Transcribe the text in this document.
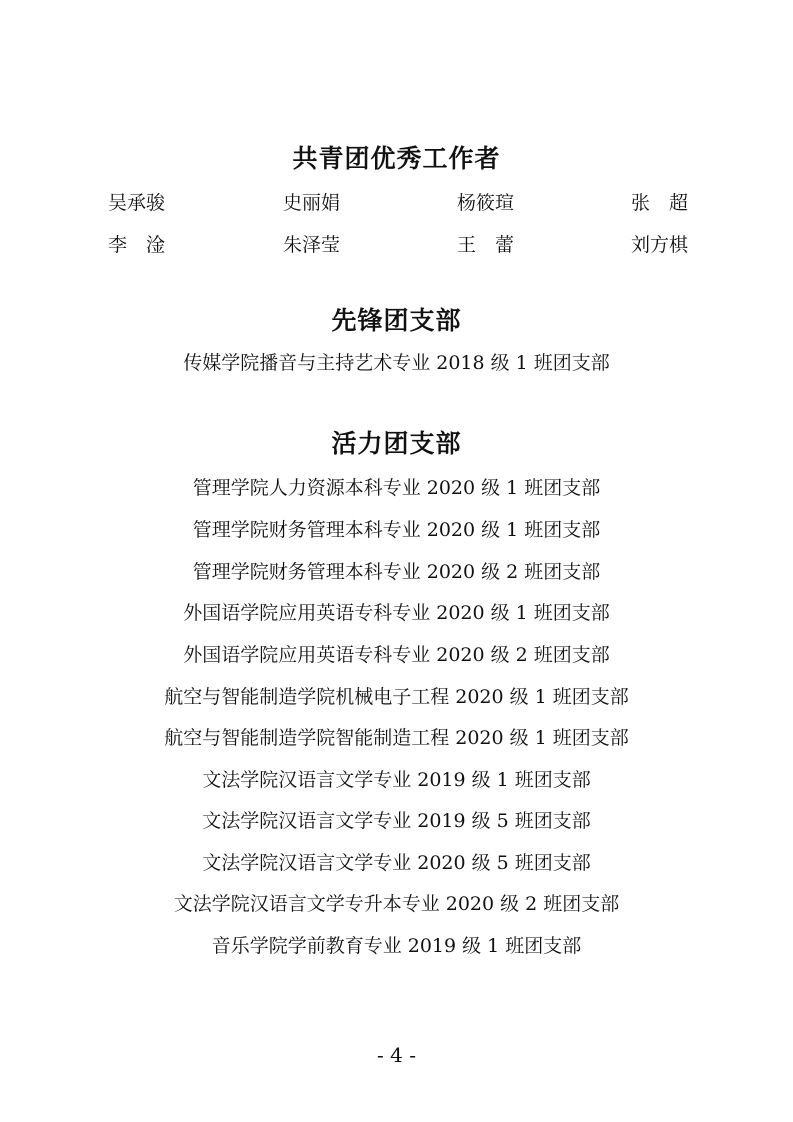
共青团优秀工作者
吴承骏	史丽娟	杨筱瑄	张　超
李　淦	朱泽莹	王　蕾	刘方棋
先锋团支部
传媒学院播音与主持艺术专业 2018 级 1 班团支部
活力团支部
管理学院人力资源本科专业 2020 级 1 班团支部
管理学院财务管理本科专业 2020 级 1 班团支部
管理学院财务管理本科专业 2020 级 2 班团支部
外国语学院应用英语专科专业 2020 级 1 班团支部
外国语学院应用英语专科专业 2020 级 2 班团支部
航空与智能制造学院机械电子工程 2020 级 1 班团支部
航空与智能制造学院智能制造工程 2020 级 1 班团支部
文法学院汉语言文学专业 2019 级 1 班团支部
文法学院汉语言文学专业 2019 级 5 班团支部
文法学院汉语言文学专业 2020 级 5 班团支部
文法学院汉语言文学专升本专业 2020 级 2 班团支部
音乐学院学前教育专业 2019 级 1 班团支部
- 4 -
